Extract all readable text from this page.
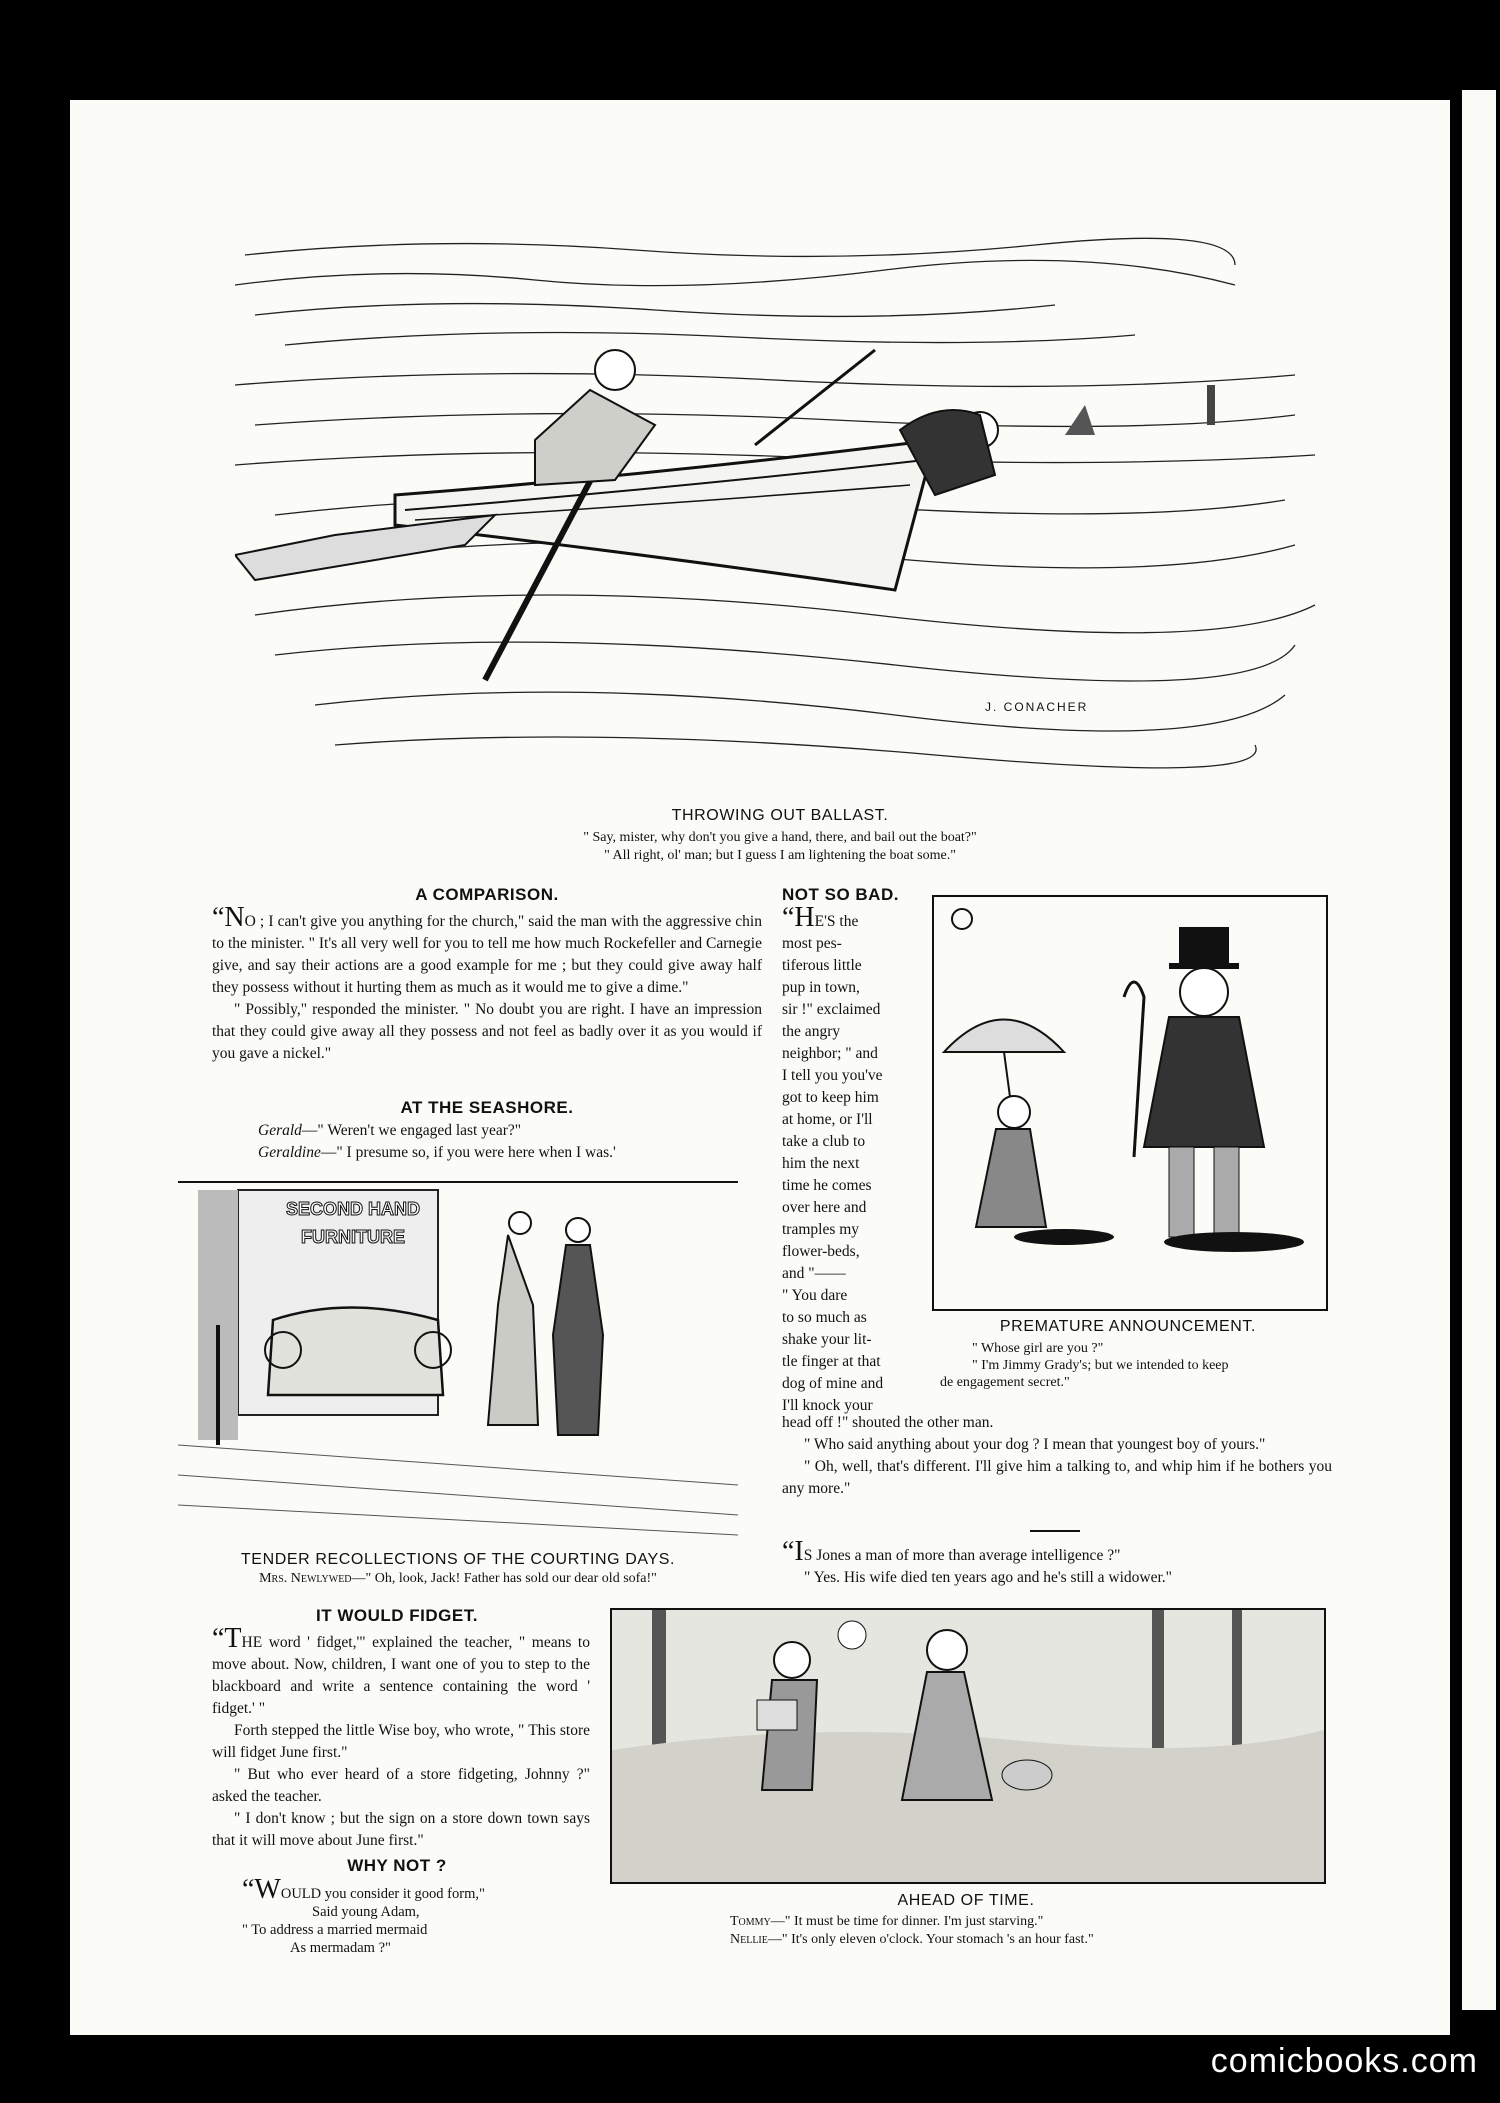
J. CONACHER
THROWING OUT BALLAST.
" Say, mister, why don't you give a hand, there, and bail out the boat?"
" All right, ol' man; but I guess I am lightening the boat some."
A COMPARISON.

“NO ; I can't give you anything for the church," said the man with the aggressive chin to the minister. " It's all very well for you to tell me how much Rockefeller and Carnegie give, and say their actions are a good example for me ; but they could give away half they possess without it hurting them as much as it would me to give a dime."

" Possibly," responded the minister. " No doubt you are right. I have an impression that they could give away all they possess and not feel as badly over it as you would if you gave a nickel."

AT THE SEASHORE.

Gerald—" Weren't we engaged last year?"

Geraldine—" I presume so, if you were here when I was.'

SECOND HAND FURNITURE
TENDER RECOLLECTIONS OF THE COURTING DAYS.
Mrs. Newlywed—" Oh, look, Jack! Father has sold our dear old sofa!"
NOT SO BAD.
“HE'S the
most pes-
tiferous little
pup in town,
sir !" exclaimed
the angry
neighbor; " and
I tell you you've
got to keep him
at home, or I'll
take a club to
him the next
time he comes
over here and
tramples my
flower-beds,
and "——
" You dare
to so much as
shake your lit-
tle finger at that
dog of mine and
I'll knock your

head off !" shouted the other man.

" Who said anything about your dog ? I mean that youngest boy of yours."

" Oh, well, that's different. I'll give him a talking to, and whip him if he bothers you any more."

“IS Jones a man of more than average intelligence ?"

" Yes. His wife died ten years ago and he's still a widower."

PREMATURE ANNOUNCEMENT.
" Whose girl are you ?"
" I'm Jimmy Grady's; but we intended to keep
de engagement secret."
IT WOULD FIDGET.

“THE word ' fidget,'" explained the teacher, " means to move about. Now, children, I want one of you to step to the blackboard and write a sentence containing the word ' fidget.' "

Forth stepped the little Wise boy, who wrote, " This store will fidget June first."

" But who ever heard of a store fidgeting, Johnny ?" asked the teacher.

" I don't know ; but the sign on a store down town says that it will move about June first."

WHY NOT ?
“WOULD you consider it good form,"
Said young Adam,
" To address a married mermaid
As mermadam ?"
AHEAD OF TIME.
Tommy—" It must be time for dinner. I'm just starving."
Nellie—" It's only eleven o'clock. Your stomach 's an hour fast."
comicbooks.com
